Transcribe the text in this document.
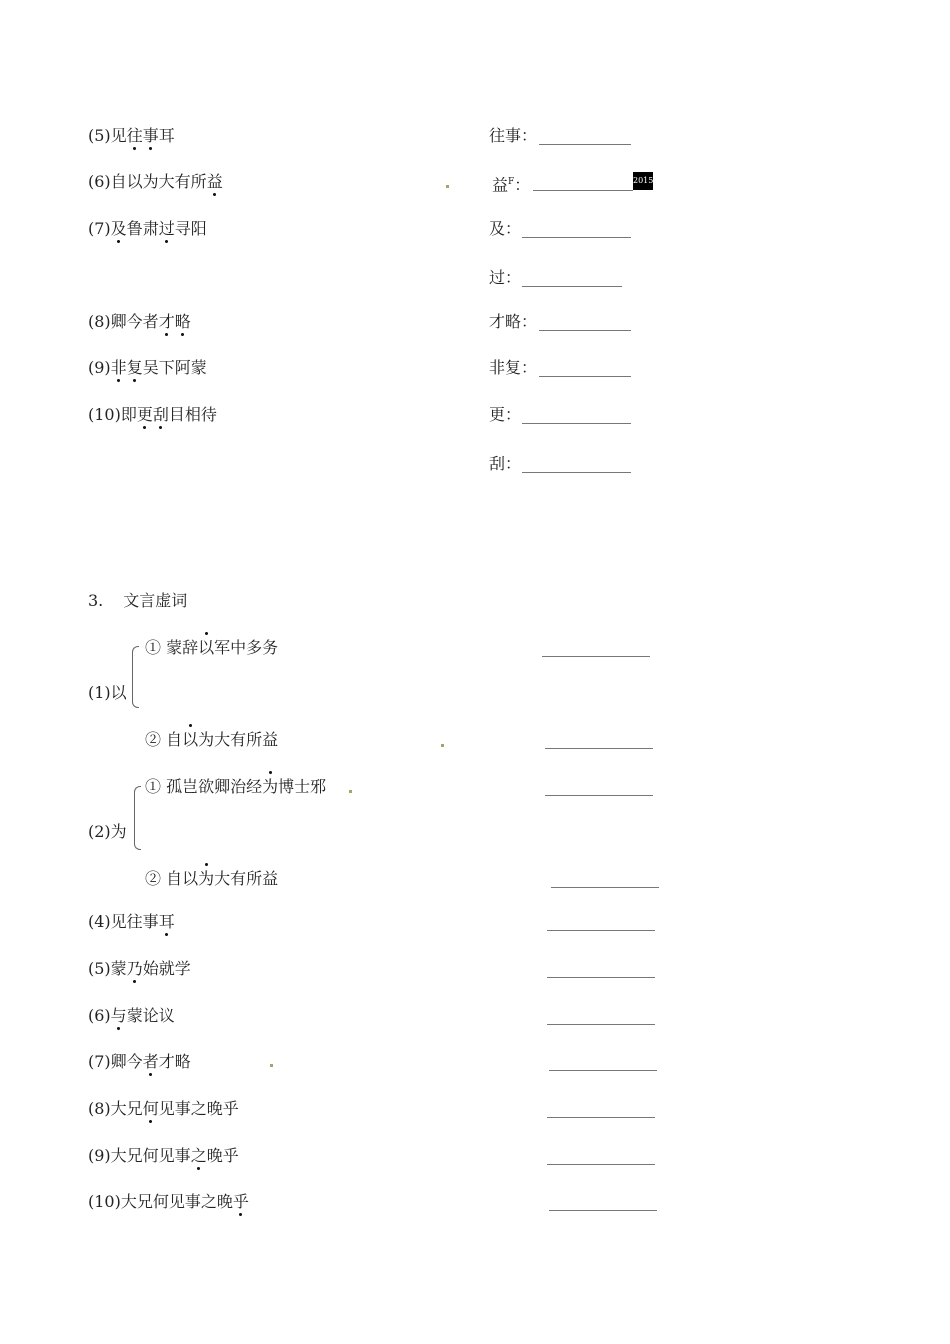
(5)见往事耳	往事：
(6)自以为大有所益	益$^F$：	2015
(7)及鲁肃过寻阳	及：
过：
(8)卿今者才略	才略：
(9)非复吴下阿蒙	非复：
(10)即更刮目相待	更：
刮：
3. 文言虚词
(1)以
① 蒙辞以军中多务
② 自以为大有所益
(2)为
① 孤岂欲卿治经为博士邪
② 自以为大有所益
(4)见往事耳
(5)蒙乃始就学
(6)与蒙论议
(7)卿今者才略
(8)大兄何见事之晚乎
(9)大兄何见事之晚乎
(10)大兄何见事之晚乎
